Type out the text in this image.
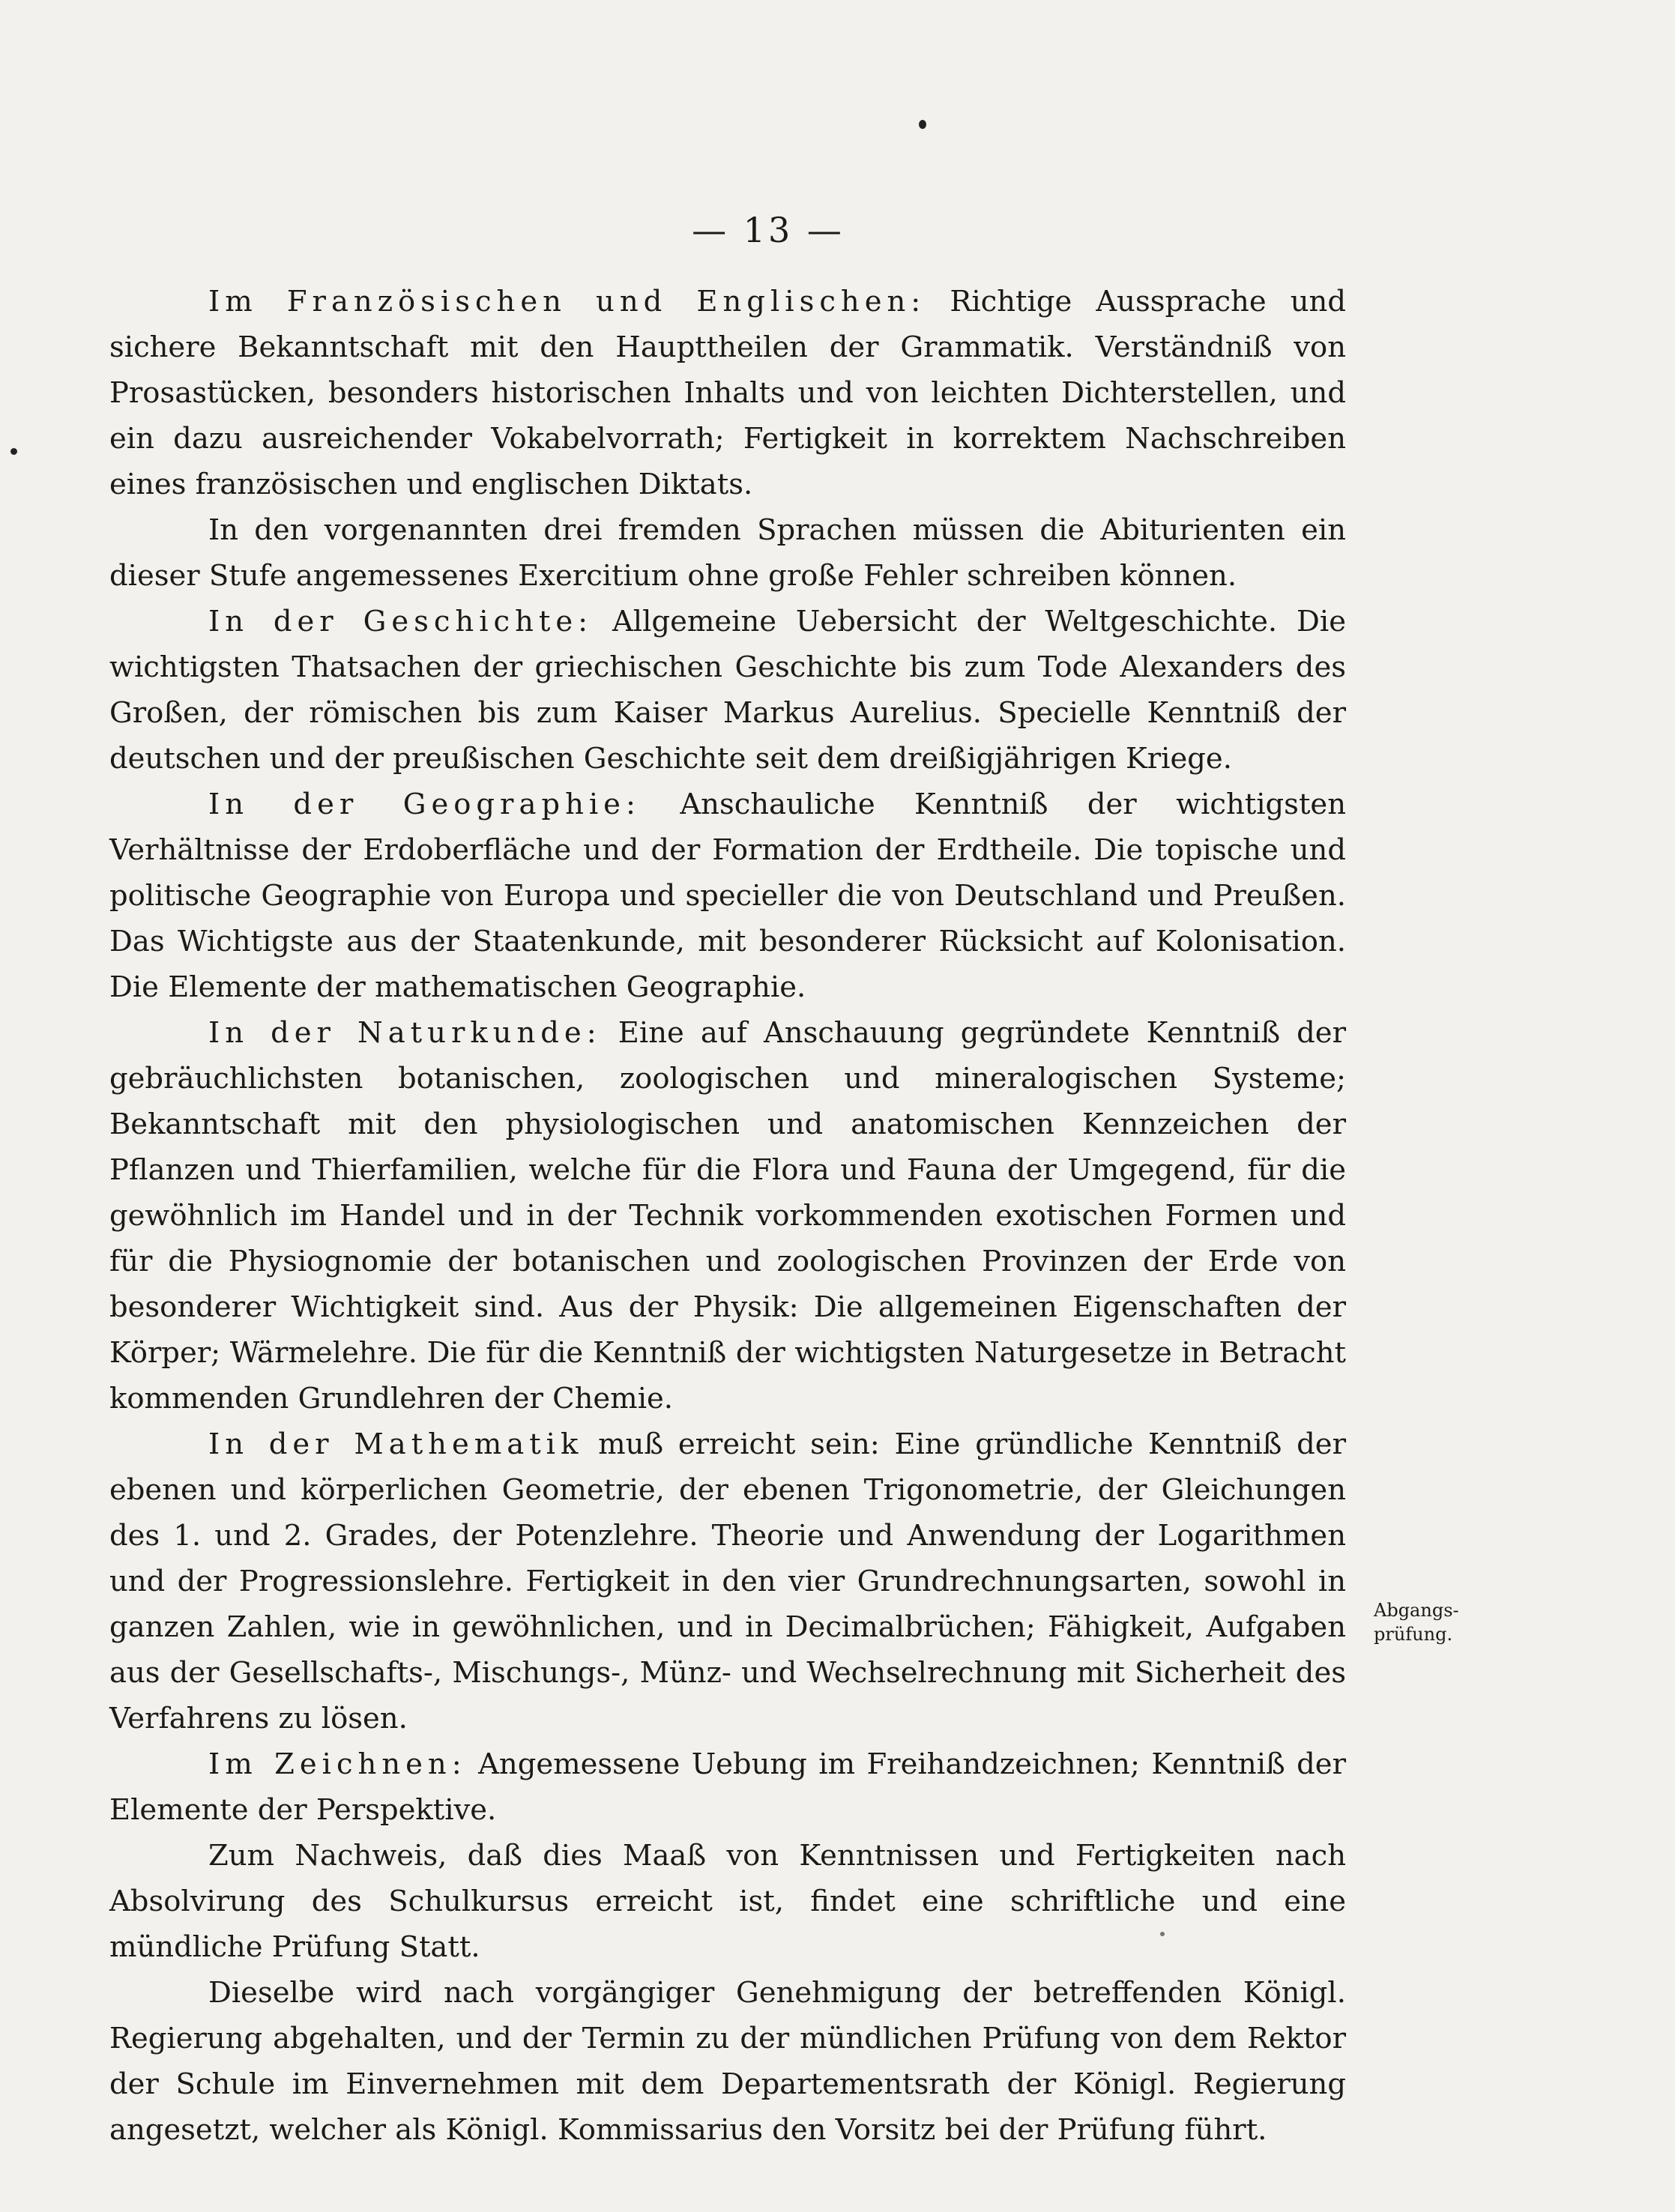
— 13 —

Im Französischen und Englischen: Richtige Aussprache und sichere Bekanntschaft mit den Haupttheilen der Grammatik. Verständniß von Prosastücken, besonders historischen Inhalts und von leichten Dichterstellen, und ein dazu ausreichender Vokabelvorrath; Fertigkeit in korrektem Nachschreiben eines französischen und englischen Diktats.

In den vorgenannten drei fremden Sprachen müssen die Abiturienten ein dieser Stufe angemessenes Exercitium ohne große Fehler schreiben können.

In der Geschichte: Allgemeine Uebersicht der Weltgeschichte. Die wichtigsten Thatsachen der griechischen Geschichte bis zum Tode Alexanders des Großen, der römischen bis zum Kaiser Markus Aurelius. Specielle Kenntniß der deutschen und der preußischen Geschichte seit dem dreißigjährigen Kriege.

In der Geographie: Anschauliche Kenntniß der wichtigsten Verhältnisse der Erdoberfläche und der Formation der Erdtheile. Die topische und politische Geographie von Europa und specieller die von Deutschland und Preußen. Das Wichtigste aus der Staatenkunde, mit besonderer Rücksicht auf Kolonisation. Die Elemente der mathematischen Geographie.

In der Naturkunde: Eine auf Anschauung gegründete Kenntniß der gebräuchlichsten botanischen, zoologischen und mineralogischen Systeme; Bekanntschaft mit den physiologischen und anatomischen Kennzeichen der Pflanzen und Thierfamilien, welche für die Flora und Fauna der Umgegend, für die gewöhnlich im Handel und in der Technik vorkommenden exotischen Formen und für die Physiognomie der botanischen und zoologischen Provinzen der Erde von besonderer Wichtigkeit sind. Aus der Physik: Die allgemeinen Eigenschaften der Körper; Wärmelehre. Die für die Kenntniß der wichtigsten Naturgesetze in Betracht kommenden Grundlehren der Chemie.

In der Mathematik muß erreicht sein: Eine gründliche Kenntniß der ebenen und körperlichen Geometrie, der ebenen Trigonometrie, der Gleichungen des 1. und 2. Grades, der Potenzlehre. Theorie und Anwendung der Logarithmen und der Progressionslehre. Fertigkeit in den vier Grundrechnungsarten, sowohl in ganzen Zahlen, wie in gewöhnlichen, und in Decimalbrüchen; Fähigkeit, Aufgaben aus der Gesellschafts-, Mischungs-, Münz- und Wechselrechnung mit Sicherheit des Verfahrens zu lösen.

Im Zeichnen: Angemessene Uebung im Freihandzeichnen; Kenntniß der Elemente der Perspektive.

Zum Nachweis, daß dies Maaß von Kenntnissen und Fertigkeiten nach Absolvirung des Schulkursus erreicht ist, findet eine schriftliche und eine mündliche Prüfung Statt.

Dieselbe wird nach vorgängiger Genehmigung der betreffenden Königl. Regierung abgehalten, und der Termin zu der mündlichen Prüfung von dem Rektor der Schule im Einvernehmen mit dem Departementsrath der Königl. Regierung angesetzt, welcher als Königl. Kommissarius den Vorsitz bei der Prüfung führt.

Abgangs-prüfung.
